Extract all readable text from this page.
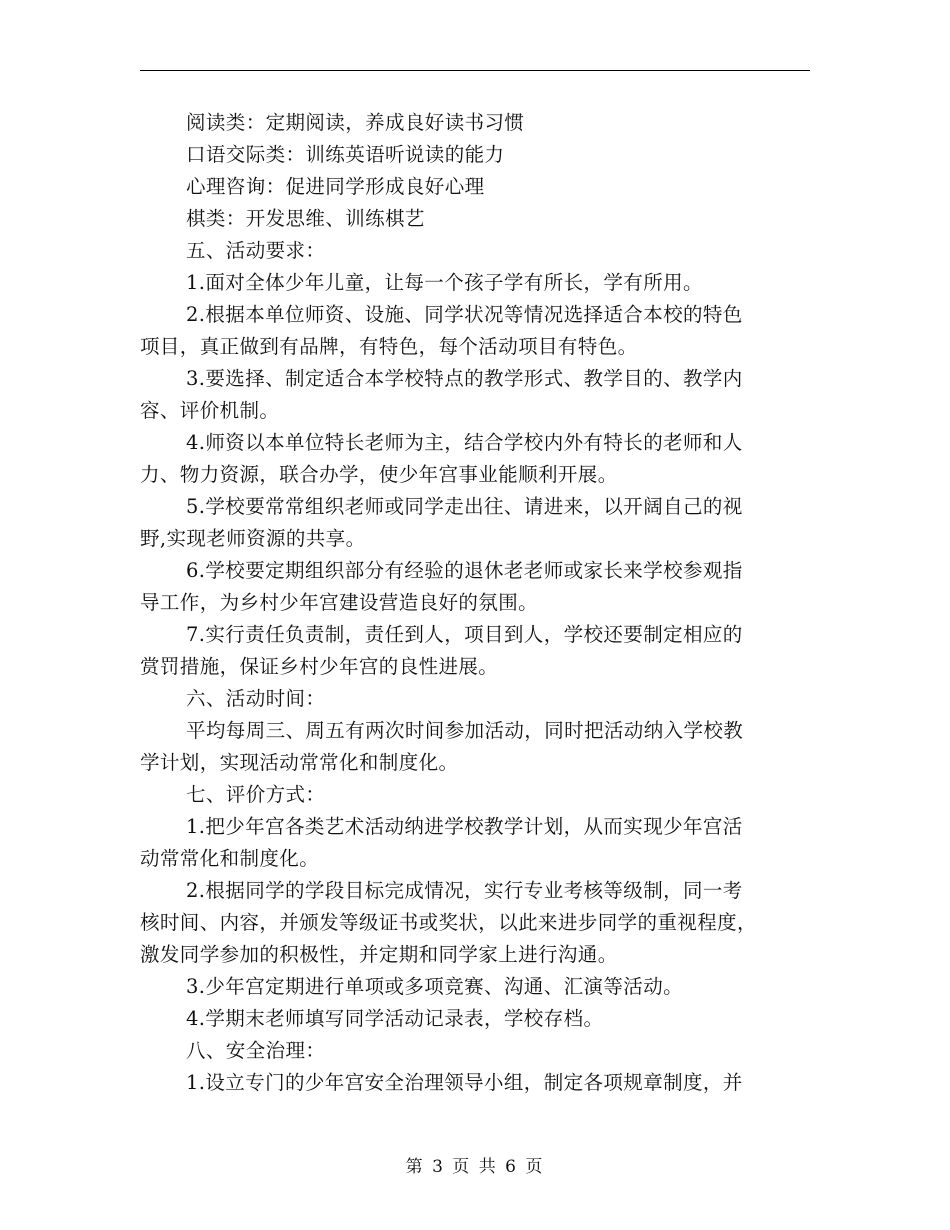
阅读类：定期阅读，养成良好读书习惯
口语交际类：训练英语听说读的能力
心理咨询：促进同学形成良好心理
棋类：开发思维、训练棋艺
五、活动要求：
1.面对全体少年儿童，让每一个孩子学有所长，学有所用。
2.根据本单位师资、设施、同学状况等情况选择适合本校的特色
项目，真正做到有品牌，有特色，每个活动项目有特色。
3.要选择、制定适合本学校特点的教学形式、教学目的、教学内
容、评价机制。
4.师资以本单位特长老师为主，结合学校内外有特长的老师和人
力、物力资源，联合办学，使少年宫事业能顺利开展。
5.学校要常常组织老师或同学走出往、请进来，以开阔自己的视
野,实现老师资源的共享。
6.学校要定期组织部分有经验的退休老老师或家长来学校参观指
导工作，为乡村少年宫建设营造良好的氛围。
7.实行责任负责制，责任到人，项目到人，学校还要制定相应的
赏罚措施，保证乡村少年宫的良性进展。
六、活动时间：
平均每周三、周五有两次时间参加活动，同时把活动纳入学校教
学计划，实现活动常常化和制度化。
七、评价方式：
1.把少年宫各类艺术活动纳进学校教学计划，从而实现少年宫活
动常常化和制度化。
2.根据同学的学段目标完成情况，实行专业考核等级制，同一考
核时间、内容，并颁发等级证书或奖状，以此来进步同学的重视程度，
激发同学参加的积极性，并定期和同学家上进行沟通。
3.少年宫定期进行单项或多项竞赛、沟通、汇演等活动。
4.学期末老师填写同学活动记录表，学校存档。
八、安全治理：
1.设立专门的少年宫安全治理领导小组，制定各项规章制度，并
第 3 页 共 6 页
